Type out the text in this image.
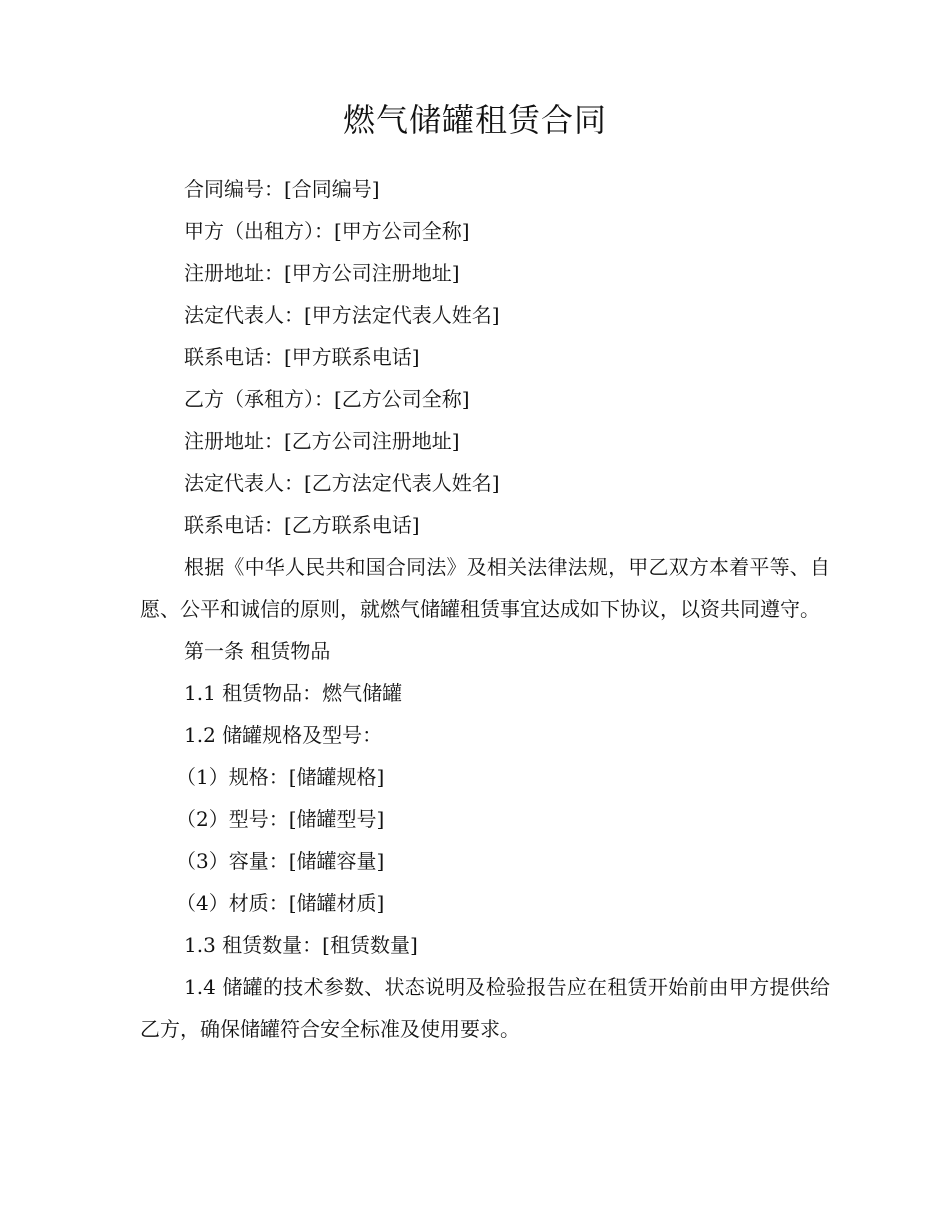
燃气储罐租赁合同
合同编号：[合同编号]
甲方（出租方）：[甲方公司全称]
注册地址：[甲方公司注册地址]
法定代表人：[甲方法定代表人姓名]
联系电话：[甲方联系电话]
乙方（承租方）：[乙方公司全称]
注册地址：[乙方公司注册地址]
法定代表人：[乙方法定代表人姓名]
联系电话：[乙方联系电话]
根据《中华人民共和国合同法》及相关法律法规，甲乙双方本着平等、自愿、公平和诚信的原则，就燃气储罐租赁事宜达成如下协议，以资共同遵守。
第一条 租赁物品
1.1 租赁物品：燃气储罐
1.2 储罐规格及型号：
（1）规格：[储罐规格]
（2）型号：[储罐型号]
（3）容量：[储罐容量]
（4）材质：[储罐材质]
1.3 租赁数量：[租赁数量]
1.4 储罐的技术参数、状态说明及检验报告应在租赁开始前由甲方提供给乙方，确保储罐符合安全标准及使用要求。
